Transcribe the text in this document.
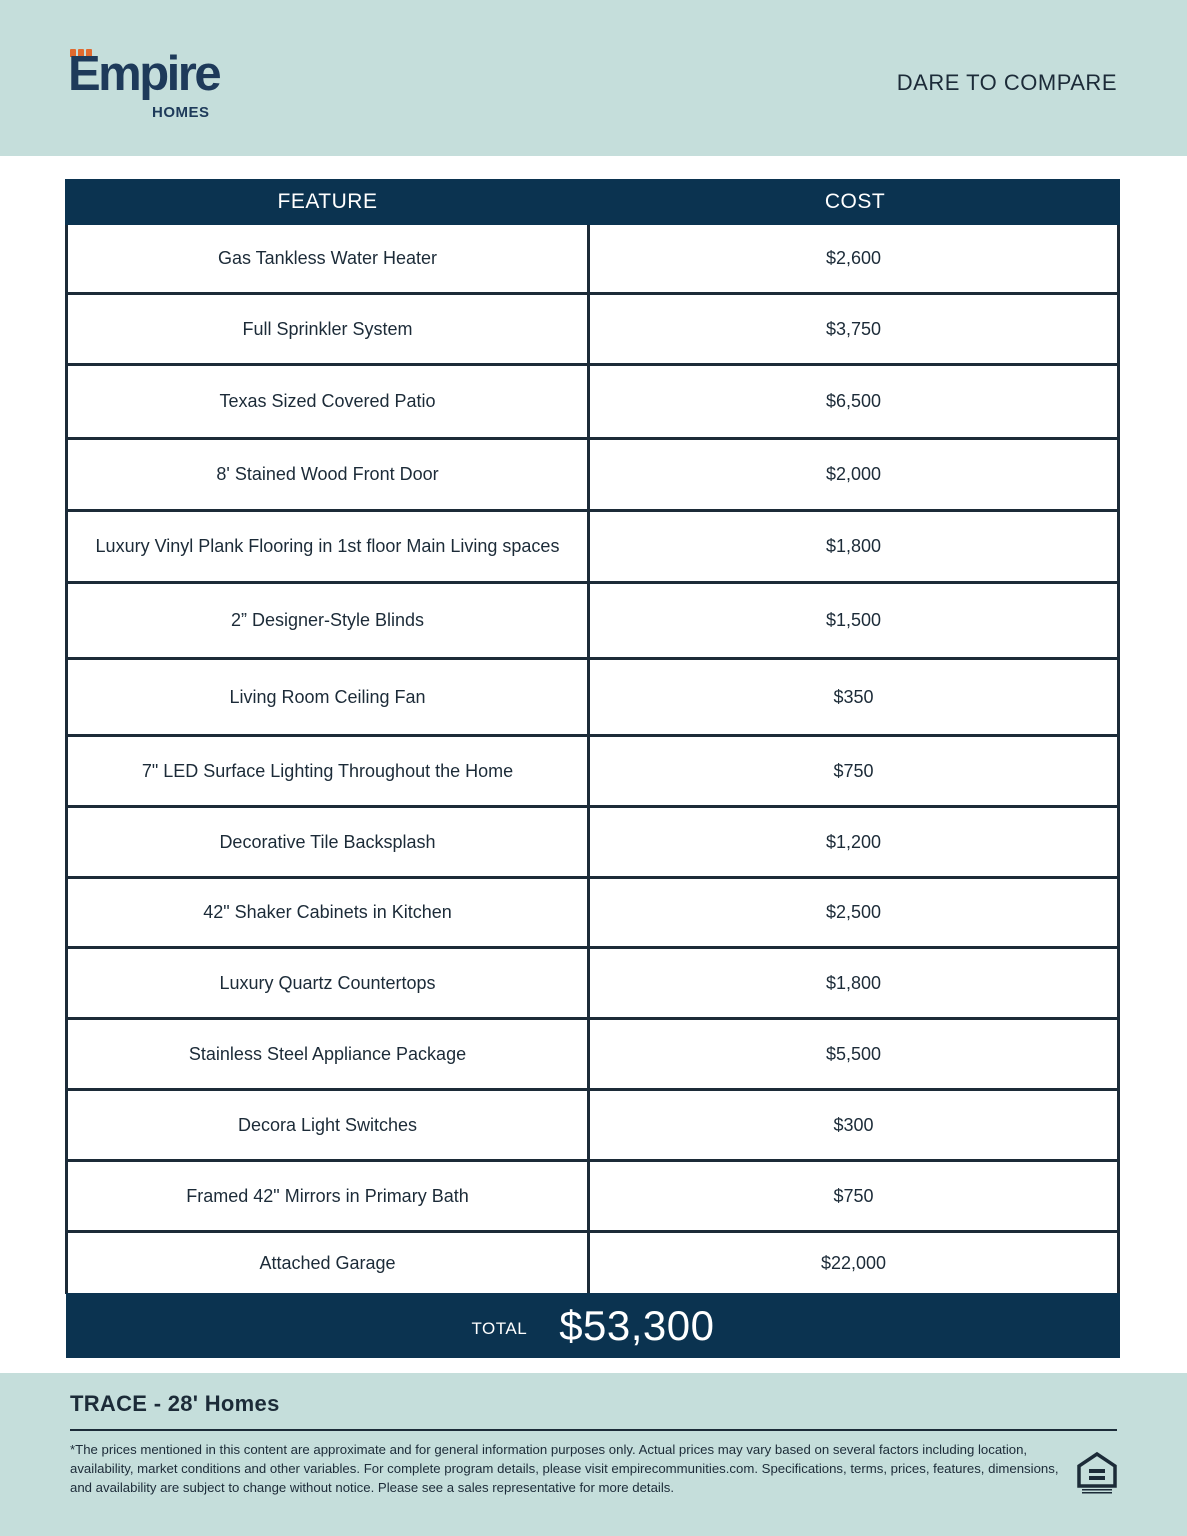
Empire
HOMES
DARE TO COMPARE
FEATURE	COST
Gas Tankless Water Heater	$2,600
Full Sprinkler System	$3,750
Texas Sized Covered Patio	$6,500
8' Stained Wood Front Door	$2,000
Luxury Vinyl Plank Flooring in 1st floor Main Living spaces	$1,800
2” Designer-Style Blinds	$1,500
Living Room Ceiling Fan	$350
7" LED Surface Lighting Throughout the Home	$750
Decorative Tile Backsplash	$1,200
42" Shaker Cabinets in Kitchen	$2,500
Luxury Quartz Countertops	$1,800
Stainless Steel Appliance Package	$5,500
Decora Light Switches	$300
Framed 42" Mirrors in Primary Bath	$750
Attached Garage	$22,000
TOTAL $53,300
TRACE - 28' Homes
*The prices mentioned in this content are approximate and for general information purposes only. Actual prices may vary based on several factors including location, availability, market conditions and other variables. For complete program details, please visit empirecommunities.com. Specifications, terms, prices, features, dimensions, and availability are subject to change without notice. Please see a sales representative for more details.
